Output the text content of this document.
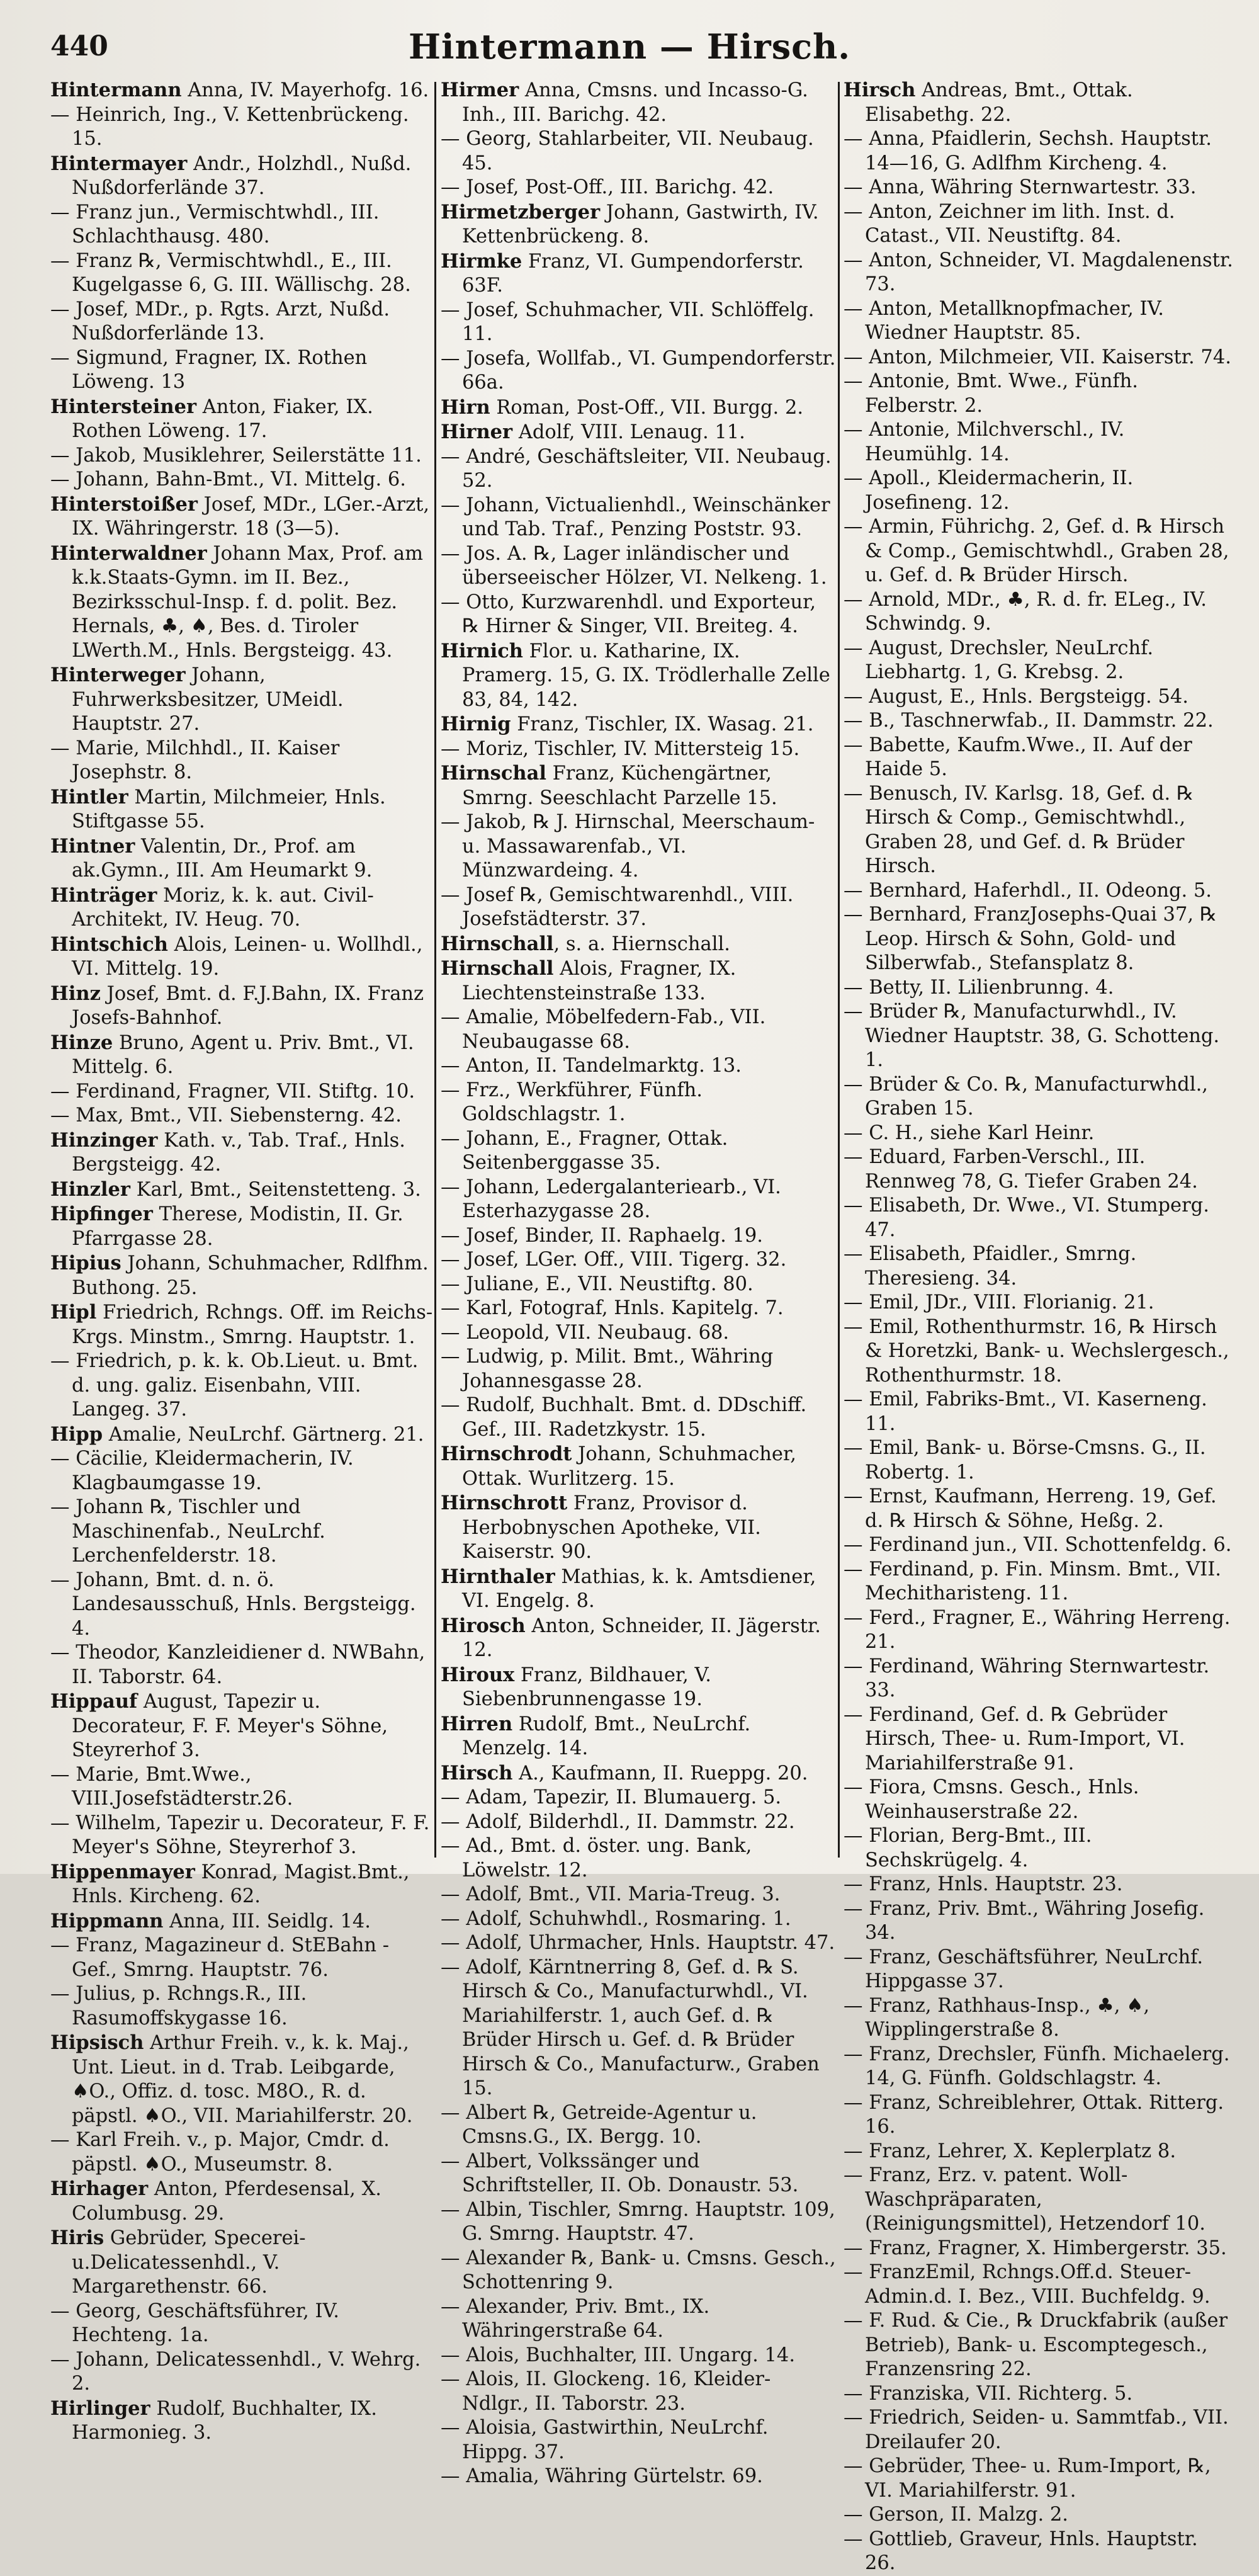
440	Hintermann — Hirsch.

Hintermann Anna, IV. Mayerhofg. 16.

— Heinrich, Ing., V. Kettenbrückeng. 15.

Hintermayer Andr., Holzhdl., Nußd. Nußdorferlände 37.

— Franz jun., Vermischtwhdl., III. Schlachthausg. 480.

— Franz ℞, Vermischtwhdl., E., III. Kugelgasse 6, G. III. Wällischg. 28.

— Josef, MDr., p. Rgts. Arzt, Nußd. Nußdorferlände 13.

— Sigmund, Fragner, IX. Rothen Löweng. 13

Hintersteiner Anton, Fiaker, IX. Rothen Löweng. 17.

— Jakob, Musiklehrer, Seilerstätte 11.

— Johann, Bahn-Bmt., VI. Mittelg. 6.

Hinterstoißer Josef, MDr., LGer.-Arzt, IX. Währingerstr. 18 (3—5).

Hinterwaldner Johann Max, Prof. am k.k.Staats-Gymn. im II. Bez., Bezirksschul-Insp. f. d. polit. Bez. Hernals, ♣, ♠, Bes. d. Tiroler LWerth.M., Hnls. Bergsteigg. 43.

Hinterweger Johann, Fuhrwerksbesitzer, UMeidl. Hauptstr. 27.

— Marie, Milchhdl., II. Kaiser Josephstr. 8.

Hintler Martin, Milchmeier, Hnls. Stiftgasse 55.

Hintner Valentin, Dr., Prof. am ak.Gymn., III. Am Heumarkt 9.

Hinträger Moriz, k. k. aut. Civil-Architekt, IV. Heug. 70.

Hintschich Alois, Leinen- u. Wollhdl., VI. Mittelg. 19.

Hinz Josef, Bmt. d. F.J.Bahn, IX. Franz Josefs-Bahnhof.

Hinze Bruno, Agent u. Priv. Bmt., VI. Mittelg. 6.

— Ferdinand, Fragner, VII. Stiftg. 10.

— Max, Bmt., VII. Siebensterng. 42.

Hinzinger Kath. v., Tab. Traf., Hnls. Bergsteigg. 42.

Hinzler Karl, Bmt., Seitenstetteng. 3.

Hipfinger Therese, Modistin, II. Gr. Pfarrgasse 28.

Hipius Johann, Schuhmacher, Rdlfhm. Buthong. 25.

Hipl Friedrich, Rchngs. Off. im Reichs-Krgs. Minstm., Smrng. Hauptstr. 1.

— Friedrich, p. k. k. Ob.Lieut. u. Bmt. d. ung. galiz. Eisenbahn, VIII. Langeg. 37.

Hipp Amalie, NeuLrchf. Gärtnerg. 21.

— Cäcilie, Kleidermacherin, IV. Klagbaumgasse 19.

— Johann ℞, Tischler und Maschinenfab., NeuLrchf. Lerchenfelderstr. 18.

— Johann, Bmt. d. n. ö. Landesausschuß, Hnls. Bergsteigg. 4.

— Theodor, Kanzleidiener d. NWBahn, II. Taborstr. 64.

Hippauf August, Tapezir u. Decorateur, F. F. Meyer's Söhne, Steyrerhof 3.

— Marie, Bmt.Wwe., VIII.Josefstädterstr.26.

— Wilhelm, Tapezir u. Decorateur, F. F. Meyer's Söhne, Steyrerhof 3.

Hippenmayer Konrad, Magist.Bmt., Hnls. Kircheng. 62.

Hippmann Anna, III. Seidlg. 14.

— Franz, Magazineur d. StEBahn - Gef., Smrng. Hauptstr. 76.

— Julius, p. Rchngs.R., III. Rasumoffskygasse 16.

Hipsisch Arthur Freih. v., k. k. Maj., Unt. Lieut. in d. Trab. Leibgarde, ♠O., Offiz. d. tosc. M8O., R. d. päpstl. ♠O., VII. Mariahilferstr. 20.

— Karl Freih. v., p. Major, Cmdr. d. päpstl. ♠O., Museumstr. 8.

Hirhager Anton, Pferdesensal, X. Columbusg. 29.

Hiris Gebrüder, Specerei- u.Delicatessenhdl., V. Margarethenstr. 66.

— Georg, Geschäftsführer, IV. Hechteng. 1a.

— Johann, Delicatessenhdl., V. Wehrg. 2.

Hirlinger Rudolf, Buchhalter, IX. Harmonieg. 3.

Hirmer Anna, Cmsns. und Incasso-G. Inh., III. Barichg. 42.

— Georg, Stahlarbeiter, VII. Neubaug. 45.

— Josef, Post-Off., III. Barichg. 42.

Hirmetzberger Johann, Gastwirth, IV. Kettenbrückeng. 8.

Hirmke Franz, VI. Gumpendorferstr. 63F.

— Josef, Schuhmacher, VII. Schlöffelg. 11.

— Josefa, Wollfab., VI. Gumpendorferstr. 66a.

Hirn Roman, Post-Off., VII. Burgg. 2.

Hirner Adolf, VIII. Lenaug. 11.

— André, Geschäftsleiter, VII. Neubaug. 52.

— Johann, Victualienhdl., Weinschänker und Tab. Traf., Penzing Poststr. 93.

— Jos. A. ℞, Lager inländischer und überseeischer Hölzer, VI. Nelkeng. 1.

— Otto, Kurzwarenhdl. und Exporteur, ℞ Hirner & Singer, VII. Breiteg. 4.

Hirnich Flor. u. Katharine, IX. Pramerg. 15, G. IX. Trödlerhalle Zelle 83, 84, 142.

Hirnig Franz, Tischler, IX. Wasag. 21.

— Moriz, Tischler, IV. Mittersteig 15.

Hirnschal Franz, Küchengärtner, Smrng. Seeschlacht Parzelle 15.

— Jakob, ℞ J. Hirnschal, Meerschaum- u. Massawarenfab., VI. Münzwardeing. 4.

— Josef ℞, Gemischtwarenhdl., VIII. Josefstädterstr. 37.

Hirnschall, s. a. Hiernschall.

Hirnschall Alois, Fragner, IX. Liechtensteinstraße 133.

— Amalie, Möbelfedern-Fab., VII. Neubaugasse 68.

— Anton, II. Tandelmarktg. 13.

— Frz., Werkführer, Fünfh. Goldschlagstr. 1.

— Johann, E., Fragner, Ottak. Seitenberggasse 35.

— Johann, Ledergalanteriearb., VI. Esterhazygasse 28.

— Josef, Binder, II. Raphaelg. 19.

— Josef, LGer. Off., VIII. Tigerg. 32.

— Juliane, E., VII. Neustiftg. 80.

— Karl, Fotograf, Hnls. Kapitelg. 7.

— Leopold, VII. Neubaug. 68.

— Ludwig, p. Milit. Bmt., Währing Johannesgasse 28.

— Rudolf, Buchhalt. Bmt. d. DDschiff. Gef., III. Radetzkystr. 15.

Hirnschrodt Johann, Schuhmacher, Ottak. Wurlitzerg. 15.

Hirnschrott Franz, Provisor d. Herbobnyschen Apotheke, VII. Kaiserstr. 90.

Hirnthaler Mathias, k. k. Amtsdiener, VI. Engelg. 8.

Hirosch Anton, Schneider, II. Jägerstr. 12.

Hiroux Franz, Bildhauer, V. Siebenbrunnengasse 19.

Hirren Rudolf, Bmt., NeuLrchf. Menzelg. 14.

Hirsch A., Kaufmann, II. Rueppg. 20.

— Adam, Tapezir, II. Blumauerg. 5.

— Adolf, Bilderhdl., II. Dammstr. 22.

— Ad., Bmt. d. öster. ung. Bank, Löwelstr. 12.

— Adolf, Bmt., VII. Maria-Treug. 3.

— Adolf, Schuhwhdl., Rosmaring. 1.

— Adolf, Uhrmacher, Hnls. Hauptstr. 47.

— Adolf, Kärntnerring 8, Gef. d. ℞ S. Hirsch & Co., Manufacturwhdl., VI. Mariahilferstr. 1, auch Gef. d. ℞ Brüder Hirsch u. Gef. d. ℞ Brüder Hirsch & Co., Manufacturw., Graben 15.

— Albert ℞, Getreide-Agentur u. Cmsns.G., IX. Bergg. 10.

— Albert, Volkssänger und Schriftsteller, II. Ob. Donaustr. 53.

— Albin, Tischler, Smrng. Hauptstr. 109, G. Smrng. Hauptstr. 47.

— Alexander ℞, Bank- u. Cmsns. Gesch., Schottenring 9.

— Alexander, Priv. Bmt., IX. Währingerstraße 64.

— Alois, Buchhalter, III. Ungarg. 14.

— Alois, II. Glockeng. 16, Kleider-Ndlgr., II. Taborstr. 23.

— Aloisia, Gastwirthin, NeuLrchf. Hippg. 37.

— Amalia, Währing Gürtelstr. 69.

Hirsch Andreas, Bmt., Ottak. Elisabethg. 22.

— Anna, Pfaidlerin, Sechsh. Hauptstr. 14—16, G. Adlfhm Kircheng. 4.

— Anna, Währing Sternwartestr. 33.

— Anton, Zeichner im lith. Inst. d. Catast., VII. Neustiftg. 84.

— Anton, Schneider, VI. Magdalenenstr. 73.

— Anton, Metallknopfmacher, IV. Wiedner Hauptstr. 85.

— Anton, Milchmeier, VII. Kaiserstr. 74.

— Antonie, Bmt. Wwe., Fünfh. Felberstr. 2.

— Antonie, Milchverschl., IV. Heumühlg. 14.

— Apoll., Kleidermacherin, II. Josefineng. 12.

— Armin, Führichg. 2, Gef. d. ℞ Hirsch & Comp., Gemischtwhdl., Graben 28, u. Gef. d. ℞ Brüder Hirsch.

— Arnold, MDr., ♣, R. d. fr. ELeg., IV. Schwindg. 9.

— August, Drechsler, NeuLrchf. Liebhartg. 1, G. Krebsg. 2.

— August, E., Hnls. Bergsteigg. 54.

— B., Taschnerwfab., II. Dammstr. 22.

— Babette, Kaufm.Wwe., II. Auf der Haide 5.

— Benusch, IV. Karlsg. 18, Gef. d. ℞ Hirsch & Comp., Gemischtwhdl., Graben 28, und Gef. d. ℞ Brüder Hirsch.

— Bernhard, Haferhdl., II. Odeong. 5.

— Bernhard, FranzJosephs-Quai 37, ℞ Leop. Hirsch & Sohn, Gold- und Silberwfab., Stefansplatz 8.

— Betty, II. Lilienbrunng. 4.

— Brüder ℞, Manufacturwhdl., IV. Wiedner Hauptstr. 38, G. Schotteng. 1.

— Brüder & Co. ℞, Manufacturwhdl., Graben 15.

— C. H., siehe Karl Heinr.

— Eduard, Farben-Verschl., III. Rennweg 78, G. Tiefer Graben 24.

— Elisabeth, Dr. Wwe., VI. Stumperg. 47.

— Elisabeth, Pfaidler., Smrng. Theresieng. 34.

— Emil, JDr., VIII. Florianig. 21.

— Emil, Rothenthurmstr. 16, ℞ Hirsch & Horetzki, Bank- u. Wechslergesch., Rothenthurmstr. 18.

— Emil, Fabriks-Bmt., VI. Kaserneng. 11.

— Emil, Bank- u. Börse-Cmsns. G., II. Robertg. 1.

— Ernst, Kaufmann, Herreng. 19, Gef. d. ℞ Hirsch & Söhne, Heßg. 2.

— Ferdinand jun., VII. Schottenfeldg. 6.

— Ferdinand, p. Fin. Minsm. Bmt., VII. Mechitharisteng. 11.

— Ferd., Fragner, E., Währing Herreng. 21.

— Ferdinand, Währing Sternwartestr. 33.

— Ferdinand, Gef. d. ℞ Gebrüder Hirsch, Thee- u. Rum-Import, VI. Mariahilferstraße 91.

— Fiora, Cmsns. Gesch., Hnls. Weinhauserstraße 22.

— Florian, Berg-Bmt., III. Sechskrügelg. 4.

— Franz, Hnls. Hauptstr. 23.

— Franz, Priv. Bmt., Währing Josefig. 34.

— Franz, Geschäftsführer, NeuLrchf. Hippgasse 37.

— Franz, Rathhaus-Insp., ♣, ♠, Wipplingerstraße 8.

— Franz, Drechsler, Fünfh. Michaelerg. 14, G. Fünfh. Goldschlagstr. 4.

— Franz, Schreiblehrer, Ottak. Ritterg. 16.

— Franz, Lehrer, X. Keplerplatz 8.

— Franz, Erz. v. patent. Woll-Waschpräparaten, (Reinigungsmittel), Hetzendorf 10.

— Franz, Fragner, X. Himbergerstr. 35.

— FranzEmil, Rchngs.Off.d. Steuer-Admin.d. I. Bez., VIII. Buchfeldg. 9.

— F. Rud. & Cie., ℞ Druckfabrik (außer Betrieb), Bank- u. Escomptegesch., Franzensring 22.

— Franziska, VII. Richterg. 5.

— Friedrich, Seiden- u. Sammtfab., VII. Dreilaufer 20.

— Gebrüder, Thee- u. Rum-Import, ℞, VI. Mariahilferstr. 91.

— Gerson, II. Malzg. 2.

— Gottlieb, Graveur, Hnls. Hauptstr. 26.
